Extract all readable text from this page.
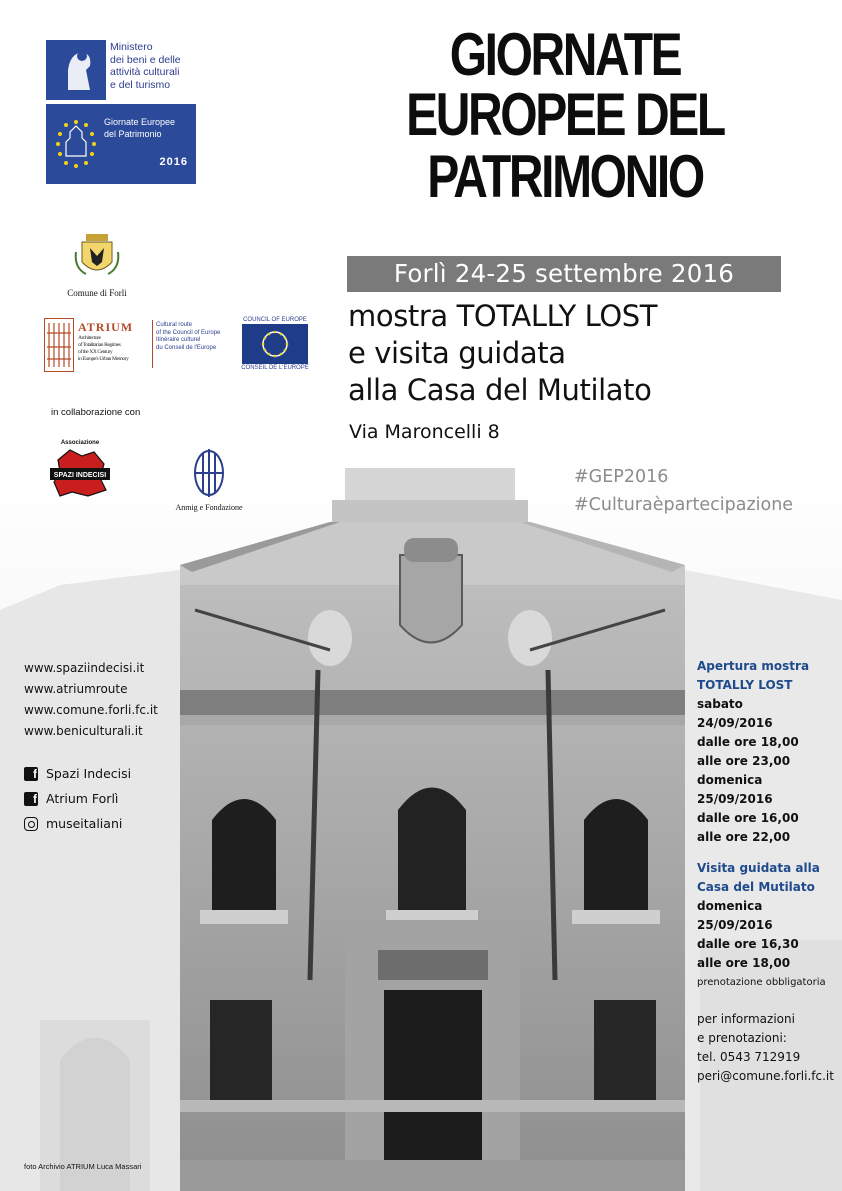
MiBACT
Ministero
dei beni e delle
attività culturali
e del turismo
Giornate Europee
del Patrimonio
2016
Comune di Forlì
ATRIUM
Architecture
of Totalitarian Regimes
of the XX Century
in Europe's Urban Memory
Cultural route
of the Council of Europe
Itinéraire culturel
du Conseil de l'Europe
COUNCIL OF EUROPE
CONSEIL DE L'EUROPE
in collaborazione con
Associazione
SPAZI INDECISI
Anmig e Fondazione
GIORNATE
EUROPEE DEL
PATRIMONIO
Forlì 24-25 settembre 2016
mostra TOTALLY LOST
e visita guidata
alla Casa del Mutilato
Via Maroncelli 8
#GEP2016
#Culturaèpartecipazione
www.spaziindecisi.it
www.atriumroute
www.comune.forli.fc.it
www.beniculturali.it
f Spazi Indecisi
f Atrium Forlì
museitaliani
foto Archivio ATRIUM Luca Massari
Apertura mostra
TOTALLY LOST
sabato
24/09/2016
dalle ore 18,00
alle ore 23,00
domenica
25/09/2016
dalle ore 16,00
alle ore 22,00
Visita guidata alla
Casa del Mutilato
domenica
25/09/2016
dalle ore 16,30
alle ore 18,00
prenotazione obbligatoria
per informazioni
e prenotazioni:
tel. 0543 712919
peri@comune.forli.fc.it
